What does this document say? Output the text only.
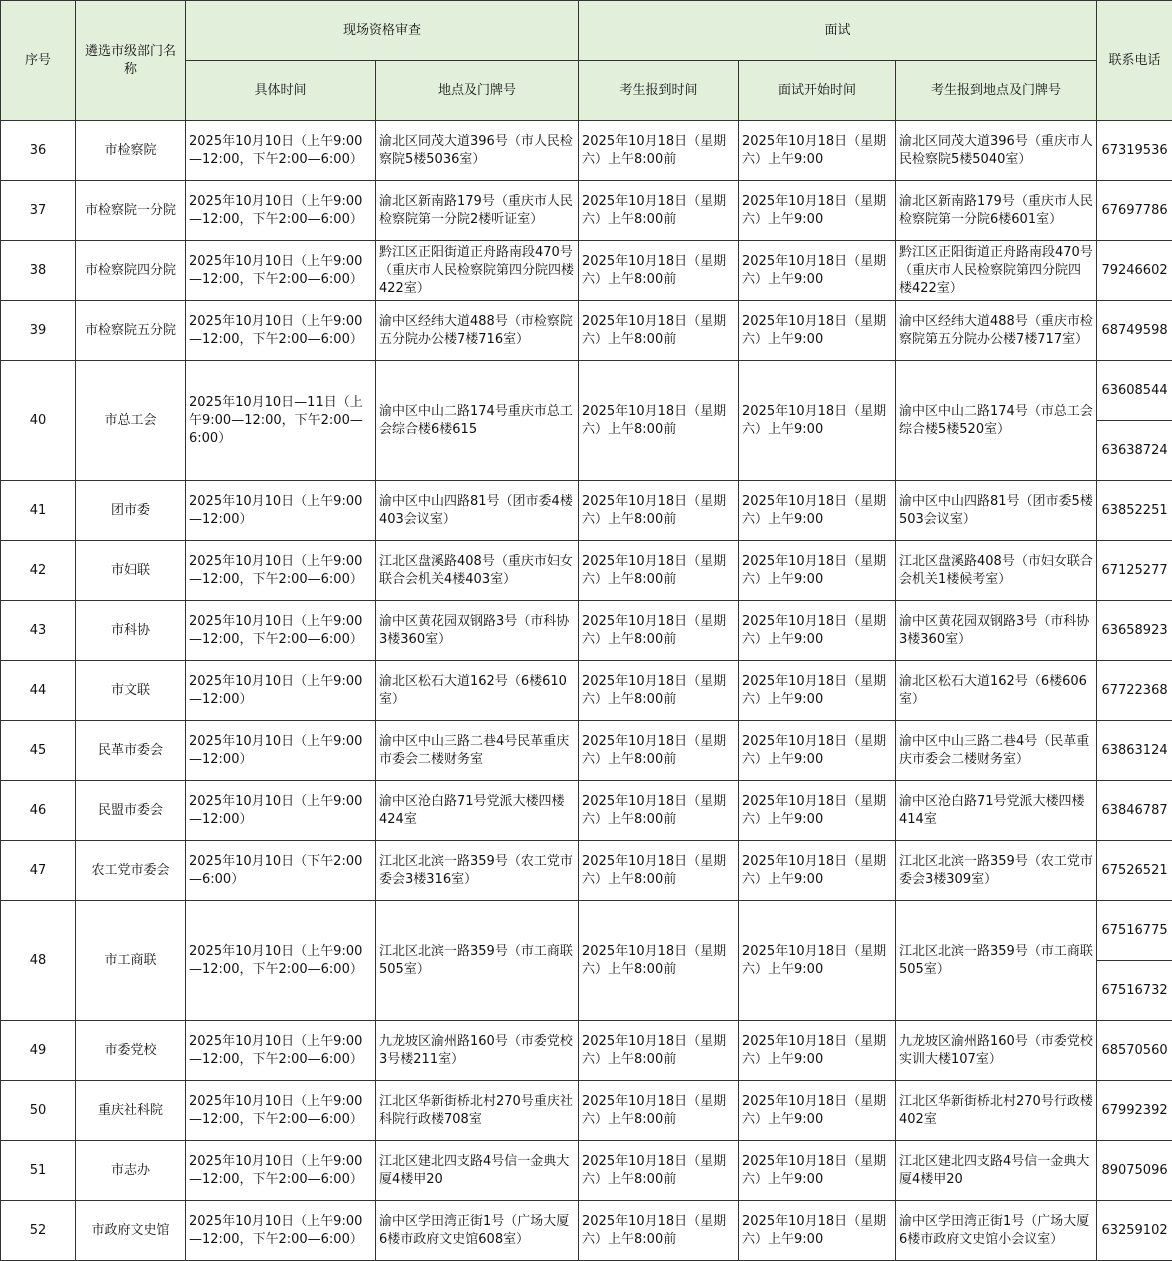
序号	遴选市级部门名称	现场资格审查		面试			联系电话
		具体时间	地点及门牌号	考生报到时间	面试开始时间	考生报到地点及门牌号	
36	市检察院	2025年10月10日（上午9:00—12:00，下午2:00—6:00）	渝北区同茂大道396号（市人民检察院5楼5036室）	2025年10月18日（星期六）上午8:00前	2025年10月18日（星期六）上午9:00	渝北区同茂大道396号（重庆市人民检察院5楼5040室）	67319536
37	市检察院一分院	2025年10月10日（上午9:00—12:00，下午2:00—6:00）	渝北区新南路179号（重庆市人民检察院第一分院2楼听证室）	2025年10月18日（星期六）上午8:00前	2025年10月18日（星期六）上午9:00	渝北区新南路179号（重庆市人民检察院第一分院6楼601室）	67697786
38	市检察院四分院	2025年10月10日（上午9:00—12:00，下午2:00—6:00）	黔江区正阳街道正舟路南段470号（重庆市人民检察院第四分院四楼422室）	2025年10月18日（星期六）上午8:00前	2025年10月18日（星期六）上午9:00	黔江区正阳街道正舟路南段470号（重庆市人民检察院第四分院四楼422室）	79246602
39	市检察院五分院	2025年10月10日（上午9:00—12:00，下午2:00—6:00）	渝中区经纬大道488号（市检察院五分院办公楼7楼716室）	2025年10月18日（星期六）上午8:00前	2025年10月18日（星期六）上午9:00	渝中区经纬大道488号（重庆市检察院第五分院办公楼7楼717室）	68749598
40	市总工会	2025年10月10日—11日（上午9:00—12:00，下午2:00—6:00）	渝中区中山二路174号重庆市总工会综合楼6楼615	2025年10月18日（星期六）上午8:00前	2025年10月18日（星期六）上午9:00	渝中区中山二路174号（市总工会综合楼5楼520室）	63608544
							63638724
41	团市委	2025年10月10日（上午9:00—12:00）	渝中区中山四路81号（团市委4楼403会议室）	2025年10月18日（星期六）上午8:00前	2025年10月18日（星期六）上午9:00	渝中区中山四路81号（团市委5楼503会议室）	63852251
42	市妇联	2025年10月10日（上午9:00—12:00，下午2:00—6:00）	江北区盘溪路408号（重庆市妇女联合会机关4楼403室）	2025年10月18日（星期六）上午8:00前	2025年10月18日（星期六）上午9:00	江北区盘溪路408号（市妇女联合会机关1楼候考室）	67125277
43	市科协	2025年10月10日（上午9:00—12:00，下午2:00—6:00）	渝中区黄花园双钢路3号（市科协3楼360室）	2025年10月18日（星期六）上午8:00前	2025年10月18日（星期六）上午9:00	渝中区黄花园双钢路3号（市科协3楼360室）	63658923
44	市文联	2025年10月10日（上午9:00—12:00）	渝北区松石大道162号（6楼610室）	2025年10月18日（星期六）上午8:00前	2025年10月18日（星期六）上午9:00	渝北区松石大道162号（6楼606室）	67722368
45	民革市委会	2025年10月10日（上午9:00—12:00）	渝中区中山三路二巷4号民革重庆市委会二楼财务室	2025年10月18日（星期六）上午8:00前	2025年10月18日（星期六）上午9:00	渝中区中山三路二巷4号（民革重庆市委会二楼财务室）	63863124
46	民盟市委会	2025年10月10日（上午9:00—12:00）	渝中区沧白路71号党派大楼四楼424室	2025年10月18日（星期六）上午8:00前	2025年10月18日（星期六）上午9:00	渝中区沧白路71号党派大楼四楼414室	63846787
47	农工党市委会	2025年10月10日（下午2:00—6:00）	江北区北滨一路359号（农工党市委会3楼316室）	2025年10月18日（星期六）上午8:00前	2025年10月18日（星期六）上午9:00	江北区北滨一路359号（农工党市委会3楼309室）	67526521
48	市工商联	2025年10月10日（上午9:00—12:00，下午2:00—6:00）	江北区北滨一路359号（市工商联505室）	2025年10月18日（星期六）上午8:00前	2025年10月18日（星期六）上午9:00	江北区北滨一路359号（市工商联505室）	67516775
							67516732
49	市委党校	2025年10月10日（上午9:00—12:00，下午2:00—6:00）	九龙坡区渝州路160号（市委党校3号楼211室）	2025年10月18日（星期六）上午8:00前	2025年10月18日（星期六）上午9:00	九龙坡区渝州路160号（市委党校实训大楼107室）	68570560
50	重庆社科院	2025年10月10日（上午9:00—12:00，下午2:00—6:00）	江北区华新街桥北村270号重庆社科院行政楼708室	2025年10月18日（星期六）上午8:00前	2025年10月18日（星期六）上午9:00	江北区华新街桥北村270号行政楼402室	67992392
51	市志办	2025年10月10日（上午9:00—12:00，下午2:00—6:00）	江北区建北四支路4号信一金典大厦4楼甲20	2025年10月18日（星期六）上午8:00前	2025年10月18日（星期六）上午9:00	江北区建北四支路4号信一金典大厦4楼甲20	89075096
52	市政府文史馆	2025年10月10日（上午9:00—12:00，下午2:00—6:00）	渝中区学田湾正街1号（广场大厦6楼市政府文史馆608室）	2025年10月18日（星期六）上午8:00前	2025年10月18日（星期六）上午9:00	渝中区学田湾正街1号（广场大厦6楼市政府文史馆小会议室）	63259102
